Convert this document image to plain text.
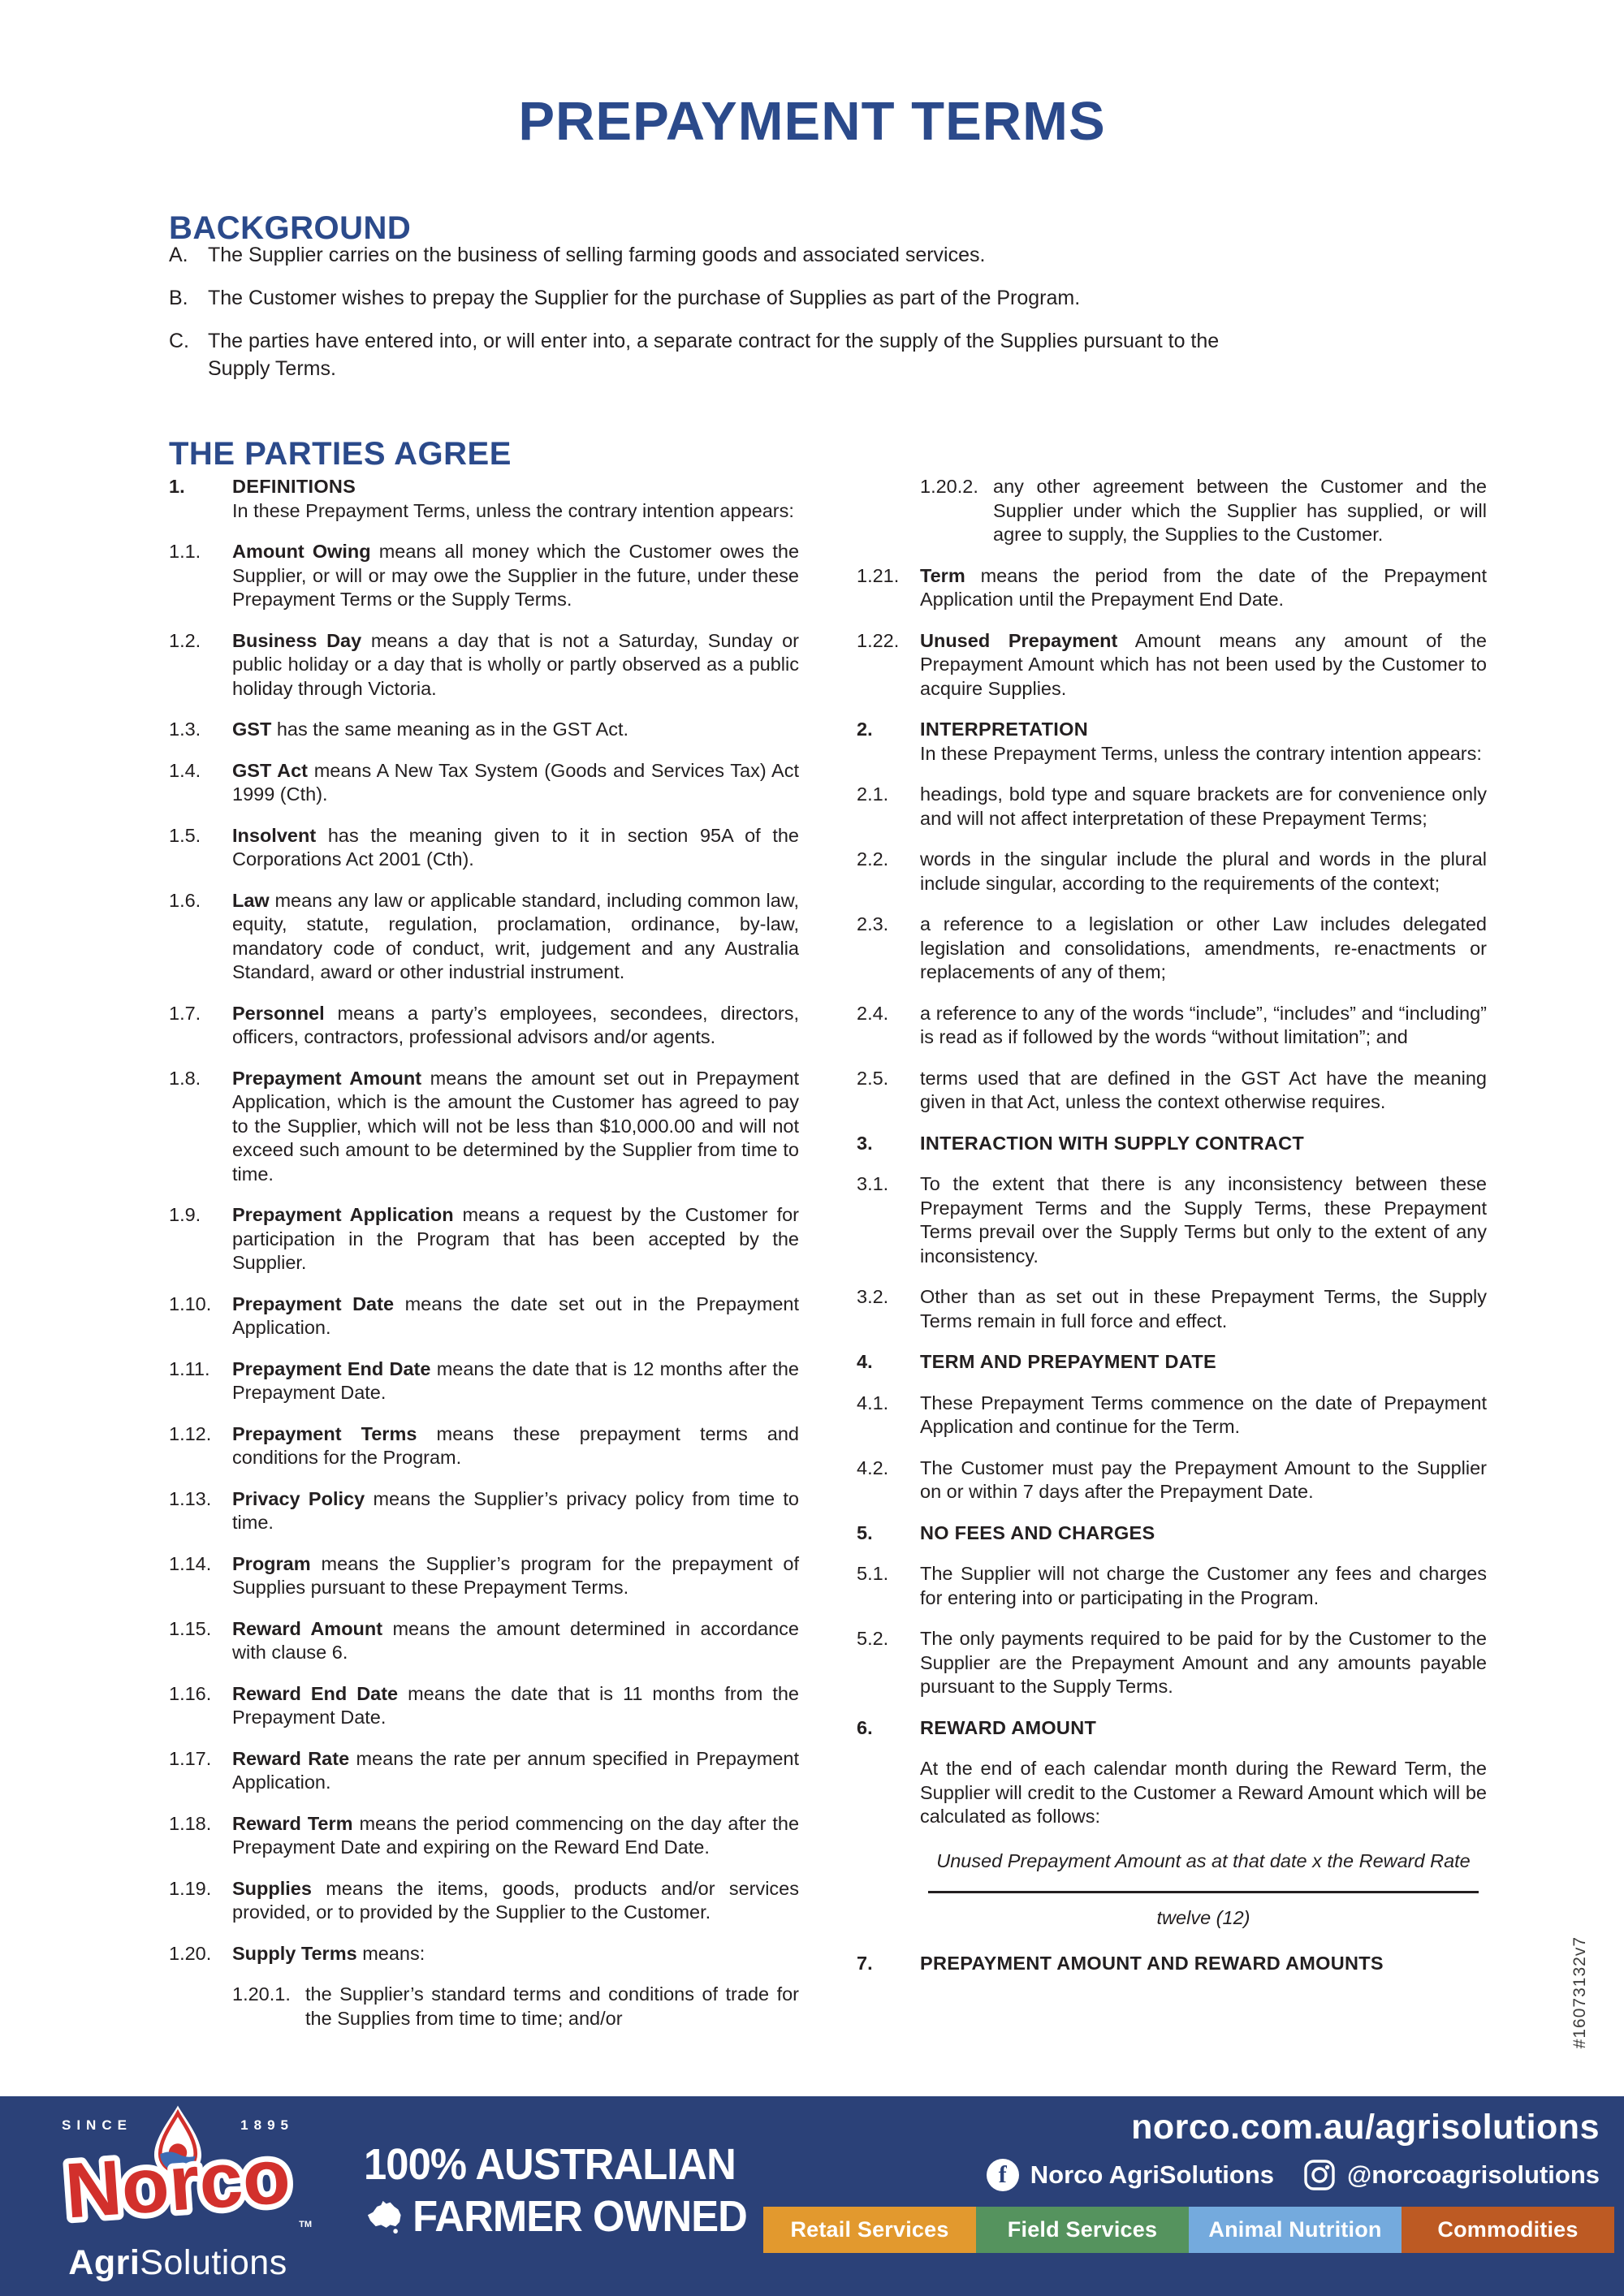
PREPAYMENT TERMS
BACKGROUND
A. The Supplier carries on the business of selling farming goods and associated services.
B. The Customer wishes to prepay the Supplier for the purchase of Supplies as part of the Program.
C. The parties have entered into, or will enter into, a separate contract for the supply of the Supplies pursuant to the Supply Terms.
THE PARTIES AGREE
1.	DEFINITIONS
In these Prepayment Terms, unless the contrary intention appears:
1.1.	Amount Owing means all money which the Customer owes the Supplier, or will or may owe the Supplier in the future, under these Prepayment Terms or the Supply Terms.
1.2.	Business Day means a day that is not a Saturday, Sunday or public holiday or a day that is wholly or partly observed as a public holiday through Victoria.
1.3.	GST has the same meaning as in the GST Act.
1.4.	GST Act means A New Tax System (Goods and Services Tax) Act 1999 (Cth).
1.5.	Insolvent has the meaning given to it in section 95A of the Corporations Act 2001 (Cth).
1.6.	Law means any law or applicable standard, including common law, equity, statute, regulation, proclamation, ordinance, by-law, mandatory code of conduct, writ, judgement and any Australia Standard, award or other industrial instrument.
1.7.	Personnel means a party’s employees, secondees, directors, officers, contractors, professional advisors and/or agents.
1.8.	Prepayment Amount means the amount set out in Prepayment Application, which is the amount the Customer has agreed to pay to the Supplier, which will not be less than $10,000.00 and will not exceed such amount to be determined by the Supplier from time to time.
1.9.	Prepayment Application means a request by the Customer for participation in the Program that has been accepted by the Supplier.
1.10.	Prepayment Date means the date set out in the Prepayment Application.
1.11.	Prepayment End Date means the date that is 12 months after the Prepayment Date.
1.12.	Prepayment Terms means these prepayment terms and conditions for the Program.
1.13.	Privacy Policy means the Supplier’s privacy policy from time to time.
1.14.	Program means the Supplier’s program for the prepayment of Supplies pursuant to these Prepayment Terms.
1.15.	Reward Amount means the amount determined in accordance with clause 6.
1.16.	Reward End Date means the date that is 11 months from the Prepayment Date.
1.17.	Reward Rate means the rate per annum specified in Prepayment Application.
1.18.	Reward Term means the period commencing on the day after the Prepayment Date and expiring on the Reward End Date.
1.19.	Supplies means the items, goods, products and/or services provided, or to provided by the Supplier to the Customer.
1.20.	Supply Terms means:
1.20.1. the Supplier’s standard terms and conditions of trade for the Supplies from time to time; and/or
1.20.2. any other agreement between the Customer and the Supplier under which the Supplier has supplied, or will agree to supply, the Supplies to the Customer.
1.21.	Term means the period from the date of the Prepayment Application until the Prepayment End Date.
1.22.	Unused Prepayment Amount means any amount of the Prepayment Amount which has not been used by the Customer to acquire Supplies.
2.	INTERPRETATION
In these Prepayment Terms, unless the contrary intention appears:
2.1.	headings, bold type and square brackets are for convenience only and will not affect interpretation of these Prepayment Terms;
2.2.	words in the singular include the plural and words in the plural include singular, according to the requirements of the context;
2.3.	a reference to a legislation or other Law includes delegated legislation and consolidations, amendments, re-enactments or replacements of any of them;
2.4.	a reference to any of the words “include”, “includes” and “including” is read as if followed by the words “without limitation”; and
2.5.	terms used that are defined in the GST Act have the meaning given in that Act, unless the context otherwise requires.
3.	INTERACTION WITH SUPPLY CONTRACT
3.1.	To the extent that there is any inconsistency between these Prepayment Terms and the Supply Terms, these Prepayment Terms prevail over the Supply Terms but only to the extent of any inconsistency.
3.2.	Other than as set out in these Prepayment Terms, the Supply Terms remain in full force and effect.
4.	TERM AND PREPAYMENT DATE
4.1.	These Prepayment Terms commence on the date of Prepayment Application and continue for the Term.
4.2.	The Customer must pay the Prepayment Amount to the Supplier on or within 7 days after the Prepayment Date.
5.	NO FEES AND CHARGES
5.1.	The Supplier will not charge the Customer any fees and charges for entering into or participating in the Program.
5.2.	The only payments required to be paid for by the Customer to the Supplier are the Prepayment Amount and any amounts payable pursuant to the Supply Terms.
6.	REWARD AMOUNT
At the end of each calendar month during the Reward Term, the Supplier will credit to the Customer a Reward Amount which will be calculated as follows:
$\frac{\text{Unused Prepayment Amount as at that date x the Reward Rate}}{\text{twelve (12)}}$
7.	PREPAYMENT AMOUNT AND REWARD AMOUNTS	#16073132v7
SINCE	1895
Norco TM
AgriSolutions
100% AUSTRALIAN
FARMER OWNED
norco.com.au/agrisolutions
f Norco AgriSolutions	@norcoagrisolutions
Retail Services	Field Services Animal Nutrition	Commodities
